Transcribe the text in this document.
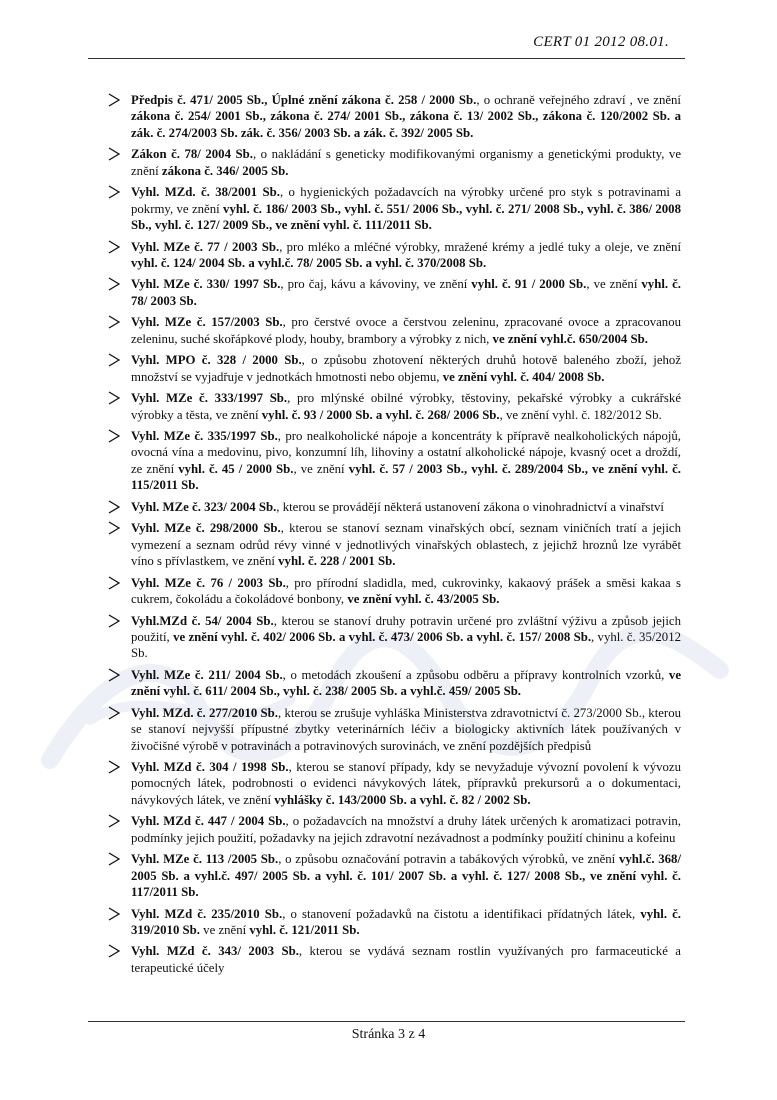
CERT 01 2012 08.01.
Předpis č. 471/ 2005 Sb., Úplné znění zákona č. 258 / 2000 Sb., o ochraně veřejného zdraví , ve znění zákona č. 254/ 2001 Sb., zákona č. 274/ 2001 Sb., zákona č. 13/ 2002 Sb., zákona č. 120/2002 Sb. a zák. č. 274/2003 Sb. zák. č. 356/ 2003 Sb. a zák. č. 392/ 2005 Sb.
Zákon č. 78/ 2004 Sb., o nakládání s geneticky modifikovanými organismy a genetickými produkty, ve znění zákona č. 346/ 2005 Sb.
Vyhl. MZd. č. 38/2001 Sb., o hygienických požadavcích na výrobky určené pro styk s potravinami a pokrmy, ve znění vyhl. č. 186/ 2003 Sb., vyhl. č. 551/ 2006 Sb., vyhl. č. 271/ 2008 Sb., vyhl. č. 386/ 2008 Sb., vyhl. č. 127/ 2009 Sb., ve znění vyhl. č. 111/2011 Sb.
Vyhl. MZe č. 77 / 2003 Sb., pro mléko a mléčné výrobky, mražené krémy a jedlé tuky a oleje, ve znění vyhl. č. 124/ 2004 Sb. a vyhl.č. 78/ 2005 Sb. a vyhl. č. 370/2008 Sb.
Vyhl. MZe č. 330/ 1997 Sb., pro čaj, kávu a kávoviny, ve znění vyhl. č. 91 / 2000 Sb., ve znění vyhl. č. 78/ 2003 Sb.
Vyhl. MZe č. 157/2003 Sb., pro čerstvé ovoce a čerstvou zeleninu, zpracované ovoce a zpracovanou zeleninu, suché skořápkové plody, houby, brambory a výrobky z nich, ve znění vyhl.č. 650/2004 Sb.
Vyhl. MPO č. 328 / 2000 Sb., o způsobu zhotovení některých druhů hotově baleného zboží, jehož množství se vyjadřuje v jednotkách hmotnosti nebo objemu, ve znění vyhl. č. 404/ 2008 Sb.
Vyhl. MZe č. 333/1997 Sb., pro mlýnské obilné výrobky, těstoviny, pekařské výrobky a cukrářské výrobky a těsta, ve znění vyhl. č. 93 / 2000 Sb. a vyhl. č. 268/ 2006 Sb., ve znění vyhl. č. 182/2012 Sb.
Vyhl. MZe č. 335/1997 Sb., pro nealkoholické nápoje a koncentráty k přípravě nealkoholických nápojů, ovocná vína a medovinu, pivo, konzumní líh, lihoviny a ostatní alkoholické nápoje, kvasný ocet a droždí, ze znění vyhl. č. 45 / 2000 Sb., ve znění vyhl. č. 57 / 2003 Sb., vyhl. č. 289/2004 Sb., ve znění vyhl. č. 115/2011 Sb.
Vyhl. MZe č. 323/ 2004 Sb., kterou se provádějí některá ustanovení zákona o vinohradnictví a vinařství
Vyhl. MZe č. 298/2000 Sb., kterou se stanoví seznam vinařských obcí, seznam viničních tratí a jejich vymezení a seznam odrůd révy vinné v jednotlivých vinařských oblastech, z jejichž hroznů lze vyrábět víno s přívlastkem, ve znění vyhl. č. 228 / 2001 Sb.
Vyhl. MZe č. 76 / 2003 Sb., pro přírodní sladidla, med, cukrovinky, kakaový prášek a směsi kakaa s cukrem, čokoládu a čokoládové bonbony, ve znění vyhl. č. 43/2005 Sb.
Vyhl.MZd č. 54/ 2004 Sb., kterou se stanoví druhy potravin určené pro zvláštní výživu a způsob jejich použití, ve znění vyhl. č. 402/ 2006 Sb. a vyhl. č. 473/ 2006 Sb. a vyhl. č. 157/ 2008 Sb., vyhl. č. 35/2012 Sb.
Vyhl. MZe č. 211/ 2004 Sb., o metodách zkoušení a způsobu odběru a přípravy kontrolních vzorků, ve znění vyhl. č. 611/ 2004 Sb., vyhl. č. 238/ 2005 Sb. a vyhl.č. 459/ 2005 Sb.
Vyhl. MZd. č. 277/2010 Sb., kterou se zrušuje vyhláška Ministerstva zdravotnictví č. 273/2000 Sb., kterou se stanoví nejvyšší přípustné zbytky veterinárních léčiv a biologicky aktivních látek používaných v živočišné výrobě v potravinách a potravinových surovinách, ve znění pozdějších předpisů
Vyhl. MZd č. 304 / 1998 Sb., kterou se stanoví případy, kdy se nevyžaduje vývozní povolení k vývozu pomocných látek, podrobnosti o evidenci návykových látek, přípravků prekursorů a o dokumentaci, návykových látek, ve znění vyhlášky č. 143/2000 Sb. a vyhl. č. 82 / 2002 Sb.
Vyhl. MZd č. 447 / 2004 Sb., o požadavcích na množství a druhy látek určených k aromatizaci potravin, podmínky jejich použití, požadavky na jejich zdravotní nezávadnost a podmínky použití chininu a kofeinu
Vyhl. MZe č. 113 /2005 Sb., o způsobu označování potravin a tabákových výrobků, ve znění vyhl.č. 368/ 2005 Sb. a vyhl.č. 497/ 2005 Sb. a vyhl. č. 101/ 2007 Sb. a vyhl. č. 127/ 2008 Sb., ve znění vyhl. č. 117/2011 Sb.
Vyhl. MZd č. 235/2010 Sb., o stanovení požadavků na čistotu a identifikaci přídatných látek, vyhl. č. 319/2010 Sb. ve znění vyhl. č. 121/2011 Sb.
Vyhl. MZd č. 343/ 2003 Sb., kterou se vydává seznam rostlin využívaných pro farmaceutické a terapeutické účely
Stránka 3 z 4
